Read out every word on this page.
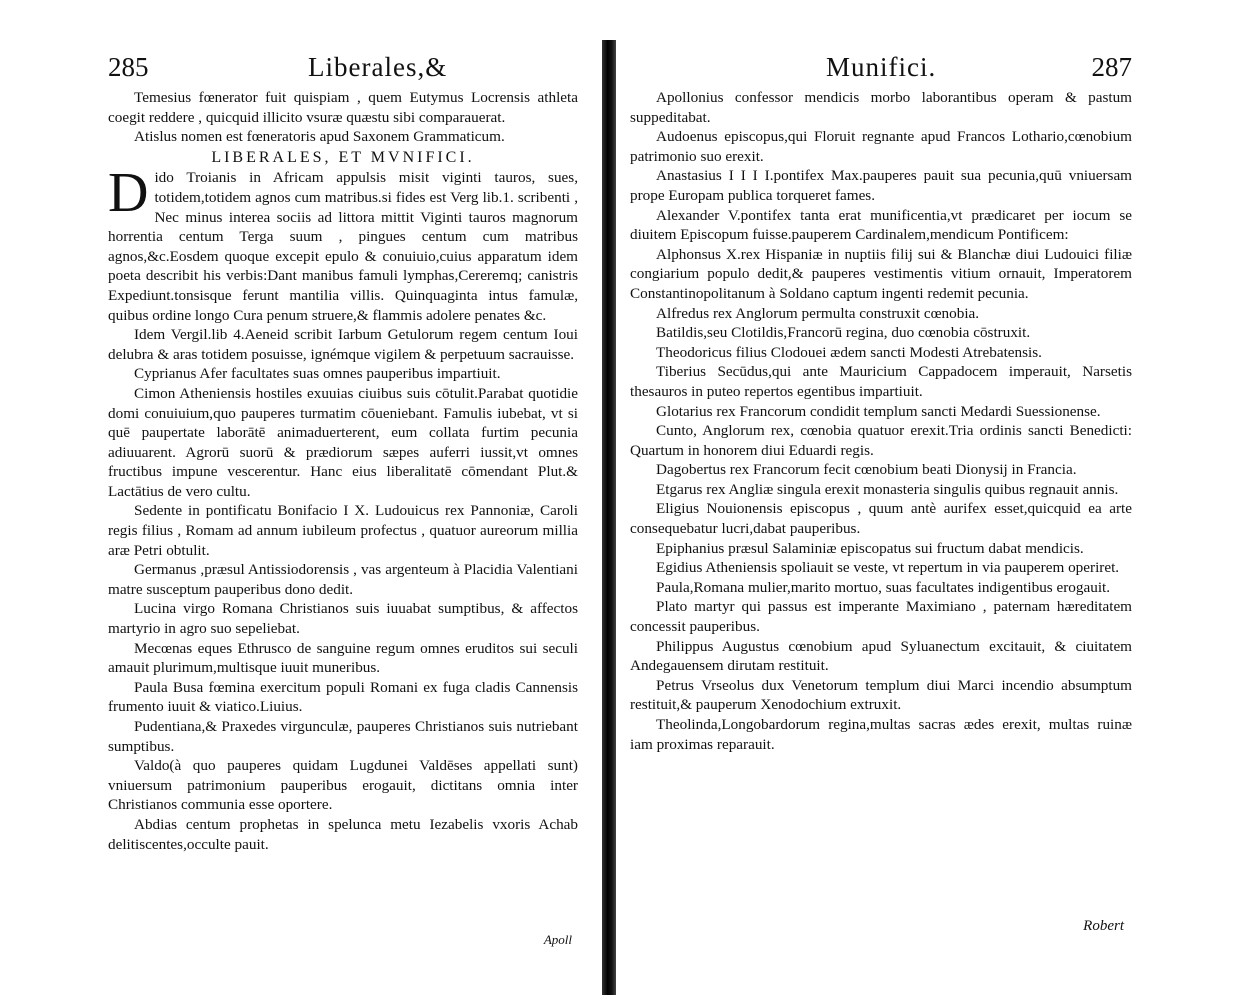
285	Liberales,&

Temesius fœnerator fuit quispiam , quem Eutymus Locrensis athleta coegit reddere , quicquid illicito vsuræ quæstu sibi comparauerat.

Atislus nomen est fœneratoris apud Saxonem Grammaticum.

LIBERALES, ET MVNIFICI.

Dido Troianis in Africam appulsis misit viginti tauros, sues, totidem,totidem agnos cum matribus.si fides est Verg lib.1. scribenti , Nec minus interea sociis ad littora mittit Viginti tauros magnorum horrentia centum Terga suum , pingues centum cum matribus agnos,&c.Eosdem quoque excepit epulo & conuiuio,cuius apparatum idem poeta describit his verbis:Dant manibus famuli lymphas,Cereremq; canistris Expediunt.tonsisque ferunt mantilia villis. Quinquaginta intus famulæ, quibus ordine longo Cura penum struere,& flammis adolere penates &c.

Idem Vergil.lib 4.Aeneid scribit Iarbum Getulorum regem centum Ioui delubra & aras totidem posuisse, ignémque vigilem & perpetuum sacrauisse.

Cyprianus Afer facultates suas omnes pauperibus impartiuit.

Cimon Atheniensis hostiles exuuias ciuibus suis cōtulit.Parabat quotidie domi conuiuium,quo pauperes turmatim cōueniebant. Famulis iubebat, vt si quē paupertate laborātē animaduerterent, eum collata furtim pecunia adiuuarent. Agrorū suorū & prædiorum sæpes auferri iussit,vt omnes fructibus impune vescerentur. Hanc eius liberalitatē cōmendant Plut.& Lactātius de vero cultu.

Sedente in pontificatu Bonifacio I X. Ludouicus rex Pannoniæ, Caroli regis filius , Romam ad annum iubileum profectus , quatuor aureorum millia aræ Petri obtulit.

Germanus ,præsul Antissiodorensis , vas argenteum à Placidia Valentiani matre susceptum pauperibus dono dedit.

Lucina virgo Romana Christianos suis iuuabat sumptibus, & affectos martyrio in agro suo sepeliebat.

Mecœnas eques Ethrusco de sanguine regum omnes eruditos sui seculi amauit plurimum,multisque iuuit muneribus.

Paula Busa fœmina exercitum populi Romani ex fuga cladis Cannensis frumento iuuit & viatico.Liuius.

Pudentiana,& Praxedes virgunculæ, pauperes Christianos suis nutriebant sumptibus.

Valdo(à quo pauperes quidam Lugdunei Valdēses appellati sunt) vniuersum patrimonium pauperibus erogauit, dictitans omnia inter Christianos communia esse oportere.

Abdias centum prophetas in spelunca metu Iezabelis vxoris Achab delitiscentes,occulte pauit.

Apoll
Munifici.	287

Apollonius confessor mendicis morbo laborantibus operam & pastum suppeditabat.

Audoenus episcopus,qui Floruit regnante apud Francos Lothario,cœnobium patrimonio suo erexit.

Anastasius I I I I.pontifex Max.pauperes pauit sua pecunia,quū vniuersam prope Europam publica torqueret fames.

Alexander V.pontifex tanta erat munificentia,vt prædicaret per iocum se diuitem Episcopum fuisse.pauperem Cardinalem,mendicum Pontificem:

Alphonsus X.rex Hispaniæ in nuptiis filij sui & Blanchæ diui Ludouici filiæ congiarium populo dedit,& pauperes vestimentis vitium ornauit, Imperatorem Constantinopolitanum à Soldano captum ingenti redemit pecunia.

Alfredus rex Anglorum permulta construxit cœnobia.

Batildis,seu Clotildis,Francorū regina, duo cœnobia cōstruxit.

Theodoricus filius Clodouei ædem sancti Modesti Atrebatensis.

Tiberius Secūdus,qui ante Mauricium Cappadocem imperauit, Narsetis thesauros in puteo repertos egentibus impartiuit.

Glotarius rex Francorum condidit templum sancti Medardi Suessionense.

Cunto, Anglorum rex, cœnobia quatuor erexit.Tria ordinis sancti Benedicti: Quartum in honorem diui Eduardi regis.

Dagobertus rex Francorum fecit cœnobium beati Dionysij in Francia.

Etgarus rex Angliæ singula erexit monasteria singulis quibus regnauit annis.

Eligius Nouionensis episcopus , quum antè aurifex esset,quicquid ea arte consequebatur lucri,dabat pauperibus.

Epiphanius præsul Salaminiæ episcopatus sui fructum dabat mendicis.

Egidius Atheniensis spoliauit se veste, vt repertum in via pauperem operiret.

Paula,Romana mulier,marito mortuo, suas facultates indigentibus erogauit.

Plato martyr qui passus est imperante Maximiano , paternam hæreditatem concessit pauperibus.

Philippus Augustus cœnobium apud Syluanectum excitauit, & ciuitatem Andegauensem dirutam restituit.

Petrus Vrseolus dux Venetorum templum diui Marci incendio absumptum restituit,& pauperum Xenodochium extruxit.

Theolinda,Longobardorum regina,multas sacras ædes erexit, multas ruinæ iam proximas reparauit.

Robert
